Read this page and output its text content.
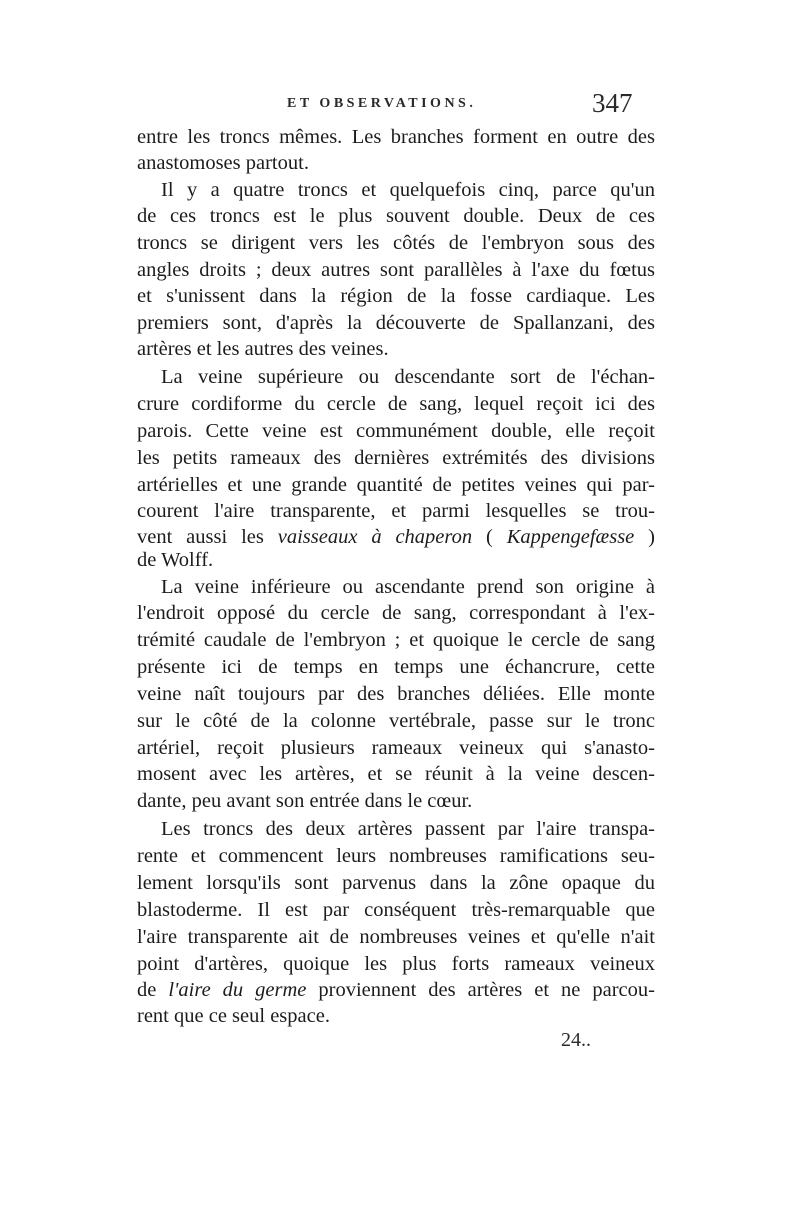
ET OBSERVATIONS.	347
entre les troncs mêmes. Les branches forment en outre des
anastomoses partout.
Il y a quatre troncs et quelquefois cinq, parce qu'un
de ces troncs est le plus souvent double. Deux de ces
troncs se dirigent vers les côtés de l'embryon sous des
angles droits ; deux autres sont parallèles à l'axe du fœtus
et s'unissent dans la région de la fosse cardiaque. Les
premiers sont, d'après la découverte de Spallanzani, des
artères et les autres des veines.
La veine supérieure ou descendante sort de l'échan-
crure cordiforme du cercle de sang, lequel reçoit ici des
parois. Cette veine est communément double, elle reçoit
les petits rameaux des dernières extrémités des divisions
artérielles et une grande quantité de petites veines qui par-
courent l'aire transparente, et parmi lesquelles se trou-
vent aussi les vaisseaux à chaperon ( Kappengefæsse )
de Wolff.
La veine inférieure ou ascendante prend son origine à
l'endroit opposé du cercle de sang, correspondant à l'ex-
trémité caudale de l'embryon ; et quoique le cercle de sang
présente ici de temps en temps une échancrure, cette
veine naît toujours par des branches déliées. Elle monte
sur le côté de la colonne vertébrale, passe sur le tronc
artériel, reçoit plusieurs rameaux veineux qui s'anasto-
mosent avec les artères, et se réunit à la veine descen-
dante, peu avant son entrée dans le cœur.
Les troncs des deux artères passent par l'aire transpa-
rente et commencent leurs nombreuses ramifications seu-
lement lorsqu'ils sont parvenus dans la zône opaque du
blastoderme. Il est par conséquent très-remarquable que
l'aire transparente ait de nombreuses veines et qu'elle n'ait
point d'artères, quoique les plus forts rameaux veineux
de l'aire du germe proviennent des artères et ne parcou-
rent que ce seul espace.
24..
